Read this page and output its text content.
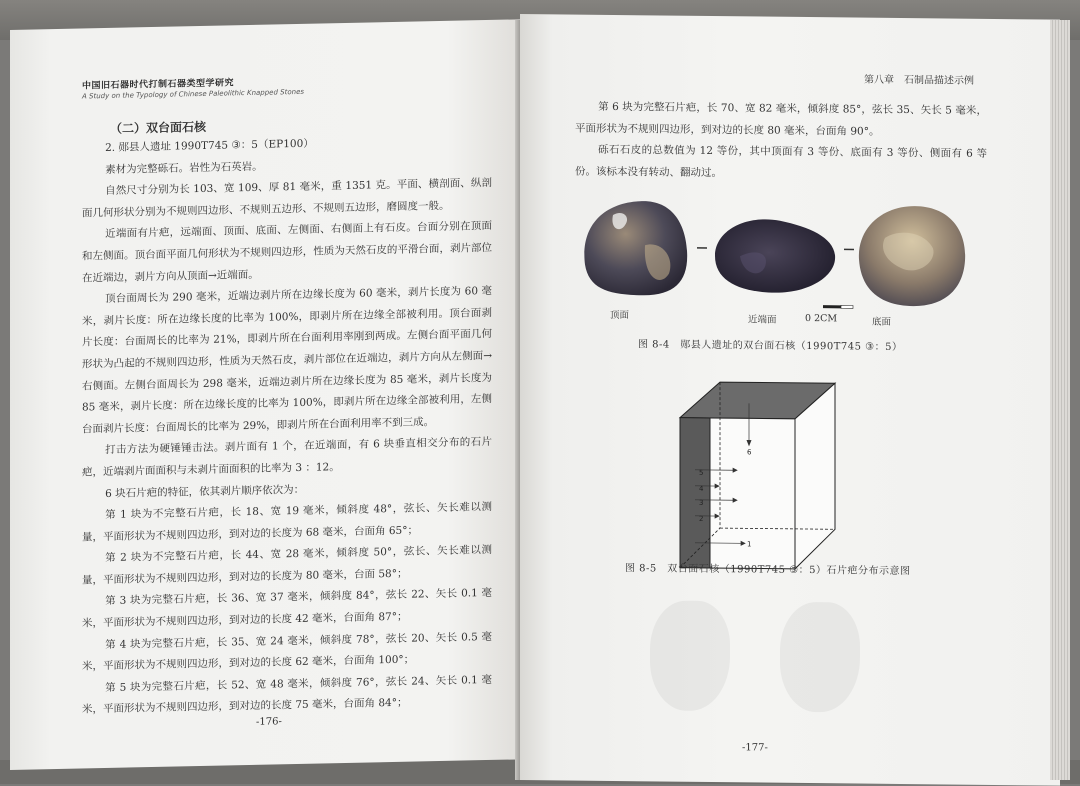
中国旧石器时代打制石器类型学研究
A Study on the Typology of Chinese Paleolithic Knapped Stones
（二）双台面石核

2. 郧县人遗址 1990T745 ③：5（EP100）

素材为完整砾石。岩性为石英岩。

自然尺寸分别为长 103、宽 109、厚 81 毫米，重 1351 克。平面、横剖面、纵剖面几何形状分别为不规则四边形、不规则五边形、不规则五边形，磨圆度一般。

近端面有片疤，远端面、顶面、底面、左侧面、右侧面上有石皮。台面分别在顶面和左侧面。顶台面平面几何形状为不规则四边形，性质为天然石皮的平滑台面，剥片部位在近端边，剥片方向从顶面→近端面。

顶台面周长为 290 毫米，近端边剥片所在边缘长度为 60 毫米，剥片长度为 60 毫米，剥片长度：所在边缘长度的比率为 100%，即剥片所在边缘全部被利用。顶台面剥片长度：台面周长的比率为 21%，即剥片所在台面利用率刚到两成。左侧台面平面几何形状为凸起的不规则四边形，性质为天然石皮，剥片部位在近端边，剥片方向从左侧面→右侧面。左侧台面周长为 298 毫米，近端边剥片所在边缘长度为 85 毫米，剥片长度为 85 毫米，剥片长度：所在边缘长度的比率为 100%，即剥片所在边缘全部被利用，左侧台面剥片长度：台面周长的比率为 29%，即剥片所在台面利用率不到三成。

打击方法为硬锤锤击法。剥片面有 1 个，在近端面，有 6 块垂直相交分布的石片疤，近端剥片面面积与未剥片面面积的比率为 3 ：12。

6 块石片疤的特征，依其剥片顺序依次为：

第 1 块为不完整石片疤，长 18、宽 19 毫米，倾斜度 48°，弦长、矢长难以测量，平面形状为不规则四边形，到对边的长度为 68 毫米，台面角 65°；

第 2 块为不完整石片疤，长 44、宽 28 毫米，倾斜度 50°，弦长、矢长难以测量，平面形状为不规则四边形，到对边的长度为 80 毫米，台面 58°；

第 3 块为完整石片疤，长 36、宽 37 毫米，倾斜度 84°，弦长 22、矢长 0.1 毫米，平面形状为不规则四边形，到对边的长度 42 毫米，台面角 87°；

第 4 块为完整石片疤，长 35、宽 24 毫米，倾斜度 78°，弦长 20、矢长 0.5 毫米，平面形状为不规则四边形，到对边的长度 62 毫米，台面角 100°；

第 5 块为完整石片疤，长 52、宽 48 毫米，倾斜度 76°，弦长 24、矢长 0.1 毫米，平面形状为不规则四边形，到对边的长度 75 毫米，台面角 84°；

-176-
第八章　石制品描述示例

第 6 块为完整石片疤，长 70、宽 82 毫米，倾斜度 85°，弦长 35、矢长 5 毫米，平面形状为不规则四边形，到对边的长度 80 毫米，台面角 90°。

砾石石皮的总数值为 12 等份，其中顶面有 3 等份、底面有 3 等份、侧面有 6 等份。该标本没有转动、翻动过。

顶面	近端面	0 2CM	底面
图 8-4　郧县人遗址的双台面石核（1990T745 ③：5）
6
5
4
3
2
1
图 8-5　双台面石核（1990T745 ③：5）石片疤分布示意图
-177-
